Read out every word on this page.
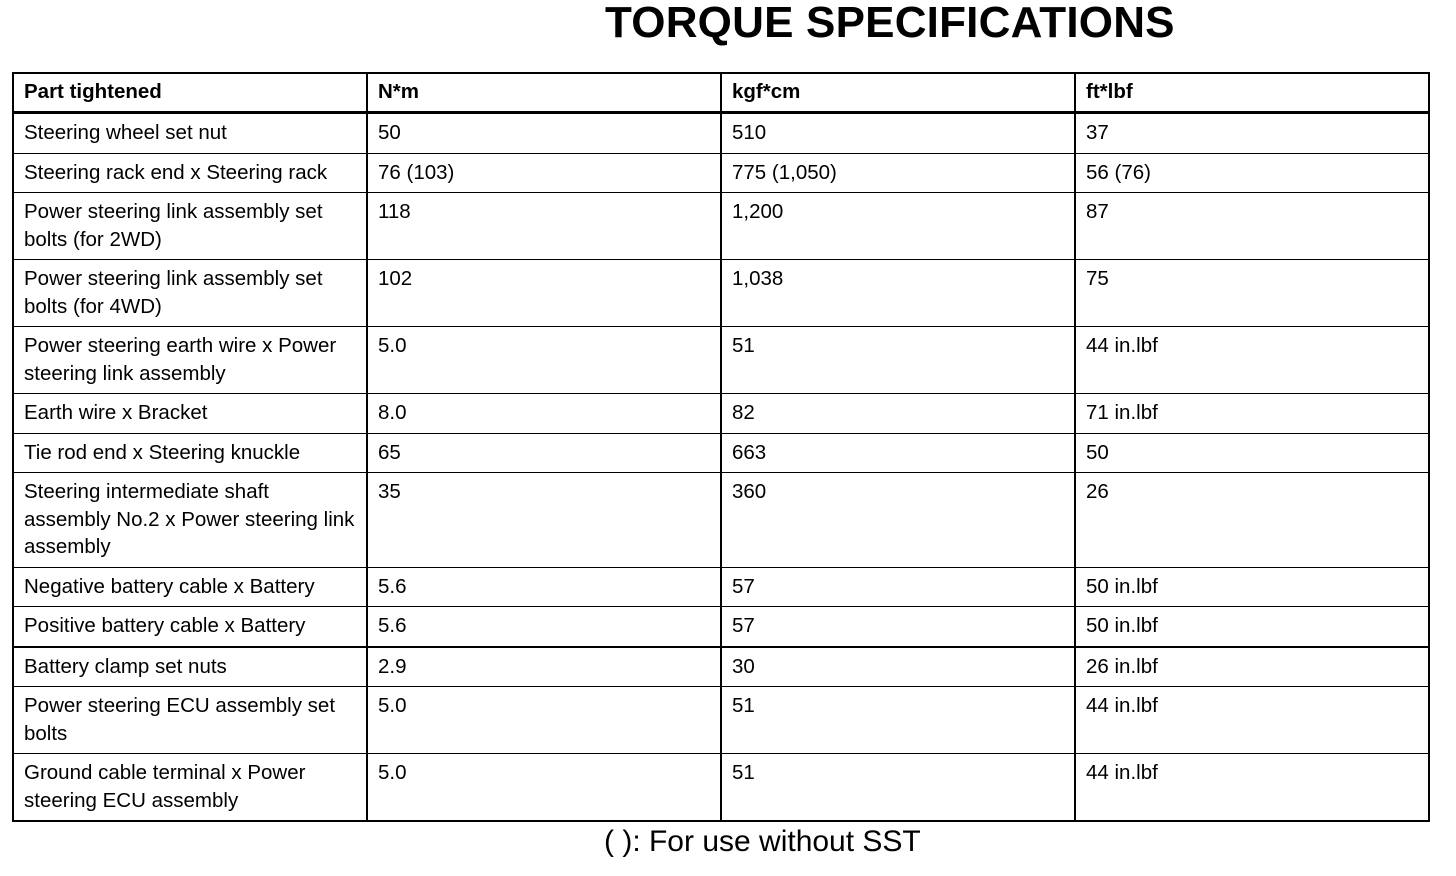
TORQUE SPECIFICATIONS
Part tightened	N*m	kgf*cm	ft*lbf
Steering wheel set nut	50	510	37
Steering rack end x Steering rack	76 (103)	775 (1,050)	56 (76)
Power steering link assembly set bolts (for 2WD)	118	1,200	87
Power steering link assembly set bolts (for 4WD)	102	1,038	75
Power steering earth wire x Power steering link assembly	5.0	51	44 in.lbf
Earth wire x Bracket	8.0	82	71 in.lbf
Tie rod end x Steering knuckle	65	663	50
Steering intermediate shaft assembly No.2 x Power steering link assembly	35	360	26
Negative battery cable x Battery	5.6	57	50 in.lbf
Positive battery cable x Battery	5.6	57	50 in.lbf
Battery clamp set nuts	2.9	30	26 in.lbf
Power steering ECU assembly set bolts	5.0	51	44 in.lbf
Ground cable terminal x Power steering ECU assembly	5.0	51	44 in.lbf
( ): For use without SST
